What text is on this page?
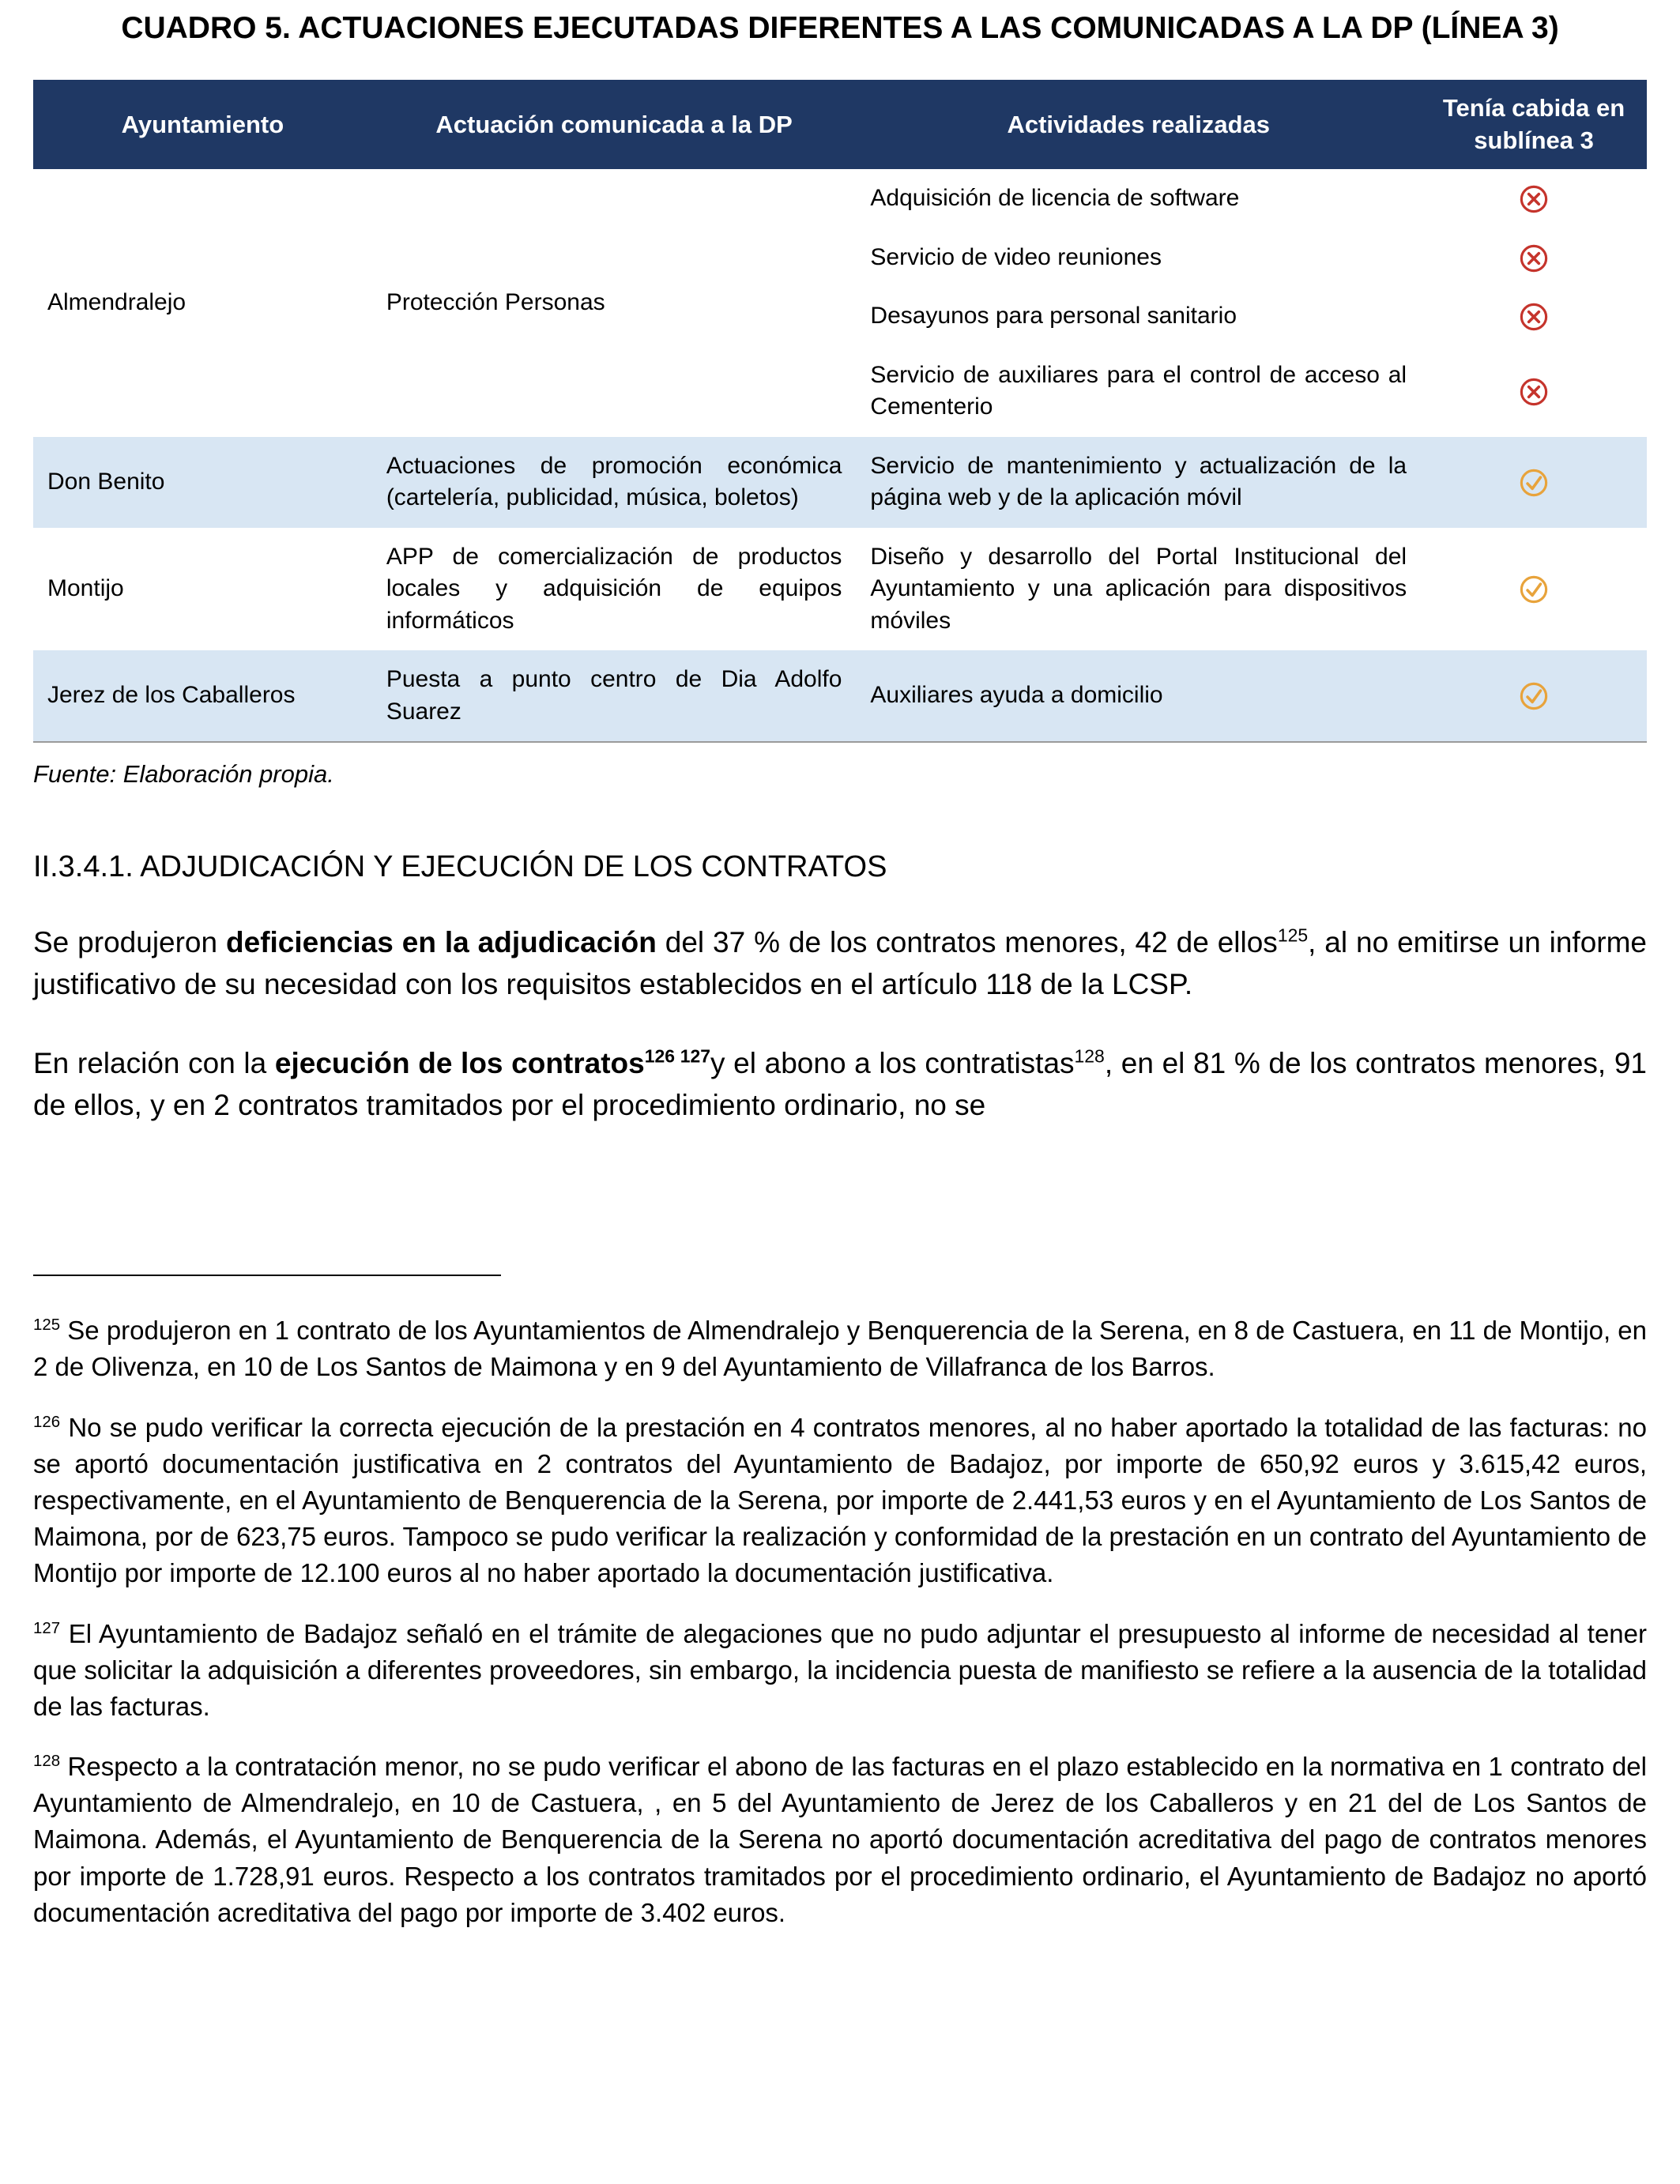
CUADRO 5. ACTUACIONES EJECUTADAS DIFERENTES A LAS COMUNICADAS A LA DP (LÍNEA 3)
Ayuntamiento	Actuación comunicada a la DP	Actividades realizadas	Tenía cabida en sublínea 3
Almendralejo	Protección Personas	Adquisición de licencia de software	
		Servicio de video reuniones	
		Desayunos para personal sanitario	
		Servicio de auxiliares para el control de acceso al Cementerio	
Don Benito	Actuaciones de promoción económica (cartelería, publicidad, música, boletos)	Servicio de mantenimiento y actualización de la página web y de la aplicación móvil	
Montijo	APP de comercialización de productos locales y adquisición de equipos informáticos	Diseño y desarrollo del Portal Institucional del Ayuntamiento y una aplicación para dispositivos móviles	
Jerez de los Caballeros	Puesta a punto centro de Dia Adolfo Suarez	Auxiliares ayuda a domicilio	

Fuente: Elaboración propia.

II.3.4.1. ADJUDICACIÓN Y EJECUCIÓN DE LOS CONTRATOS

Se produjeron deficiencias en la adjudicación del 37 % de los contratos menores, 42 de ellos$^{125}$, al no emitirse un informe justificativo de su necesidad con los requisitos establecidos en el artículo 118 de la LCSP.

En relación con la ejecución de los contratos$^{126 127}$y el abono a los contratistas$^{128}$, en el 81 % de los contratos menores, 91 de ellos, y en 2 contratos tramitados por el procedimiento ordinario, no se

$^{125}$ Se produjeron en 1 contrato de los Ayuntamientos de Almendralejo y Benquerencia de la Serena, en 8 de Castuera, en 11 de Montijo, en 2 de Olivenza, en 10 de Los Santos de Maimona y en 9 del Ayuntamiento de Villafranca de los Barros.

$^{126}$ No se pudo verificar la correcta ejecución de la prestación en 4 contratos menores, al no haber aportado la totalidad de las facturas: no se aportó documentación justificativa en 2 contratos del Ayuntamiento de Badajoz, por importe de 650,92 euros y 3.615,42 euros, respectivamente, en el Ayuntamiento de Benquerencia de la Serena, por importe de 2.441,53 euros y en el Ayuntamiento de Los Santos de Maimona, por de 623,75 euros. Tampoco se pudo verificar la realización y conformidad de la prestación en un contrato del Ayuntamiento de Montijo por importe de 12.100 euros al no haber aportado la documentación justificativa.

$^{127}$ El Ayuntamiento de Badajoz señaló en el trámite de alegaciones que no pudo adjuntar el presupuesto al informe de necesidad al tener que solicitar la adquisición a diferentes proveedores, sin embargo, la incidencia puesta de manifiesto se refiere a la ausencia de la totalidad de las facturas.

$^{128}$ Respecto a la contratación menor, no se pudo verificar el abono de las facturas en el plazo establecido en la normativa en 1 contrato del Ayuntamiento de Almendralejo, en 10 de Castuera, , en 5 del Ayuntamiento de Jerez de los Caballeros y en 21 del de Los Santos de Maimona. Además, el Ayuntamiento de Benquerencia de la Serena no aportó documentación acreditativa del pago de contratos menores por importe de 1.728,91 euros. Respecto a los contratos tramitados por el procedimiento ordinario, el Ayuntamiento de Badajoz no aportó documentación acreditativa del pago por importe de 3.402 euros.
